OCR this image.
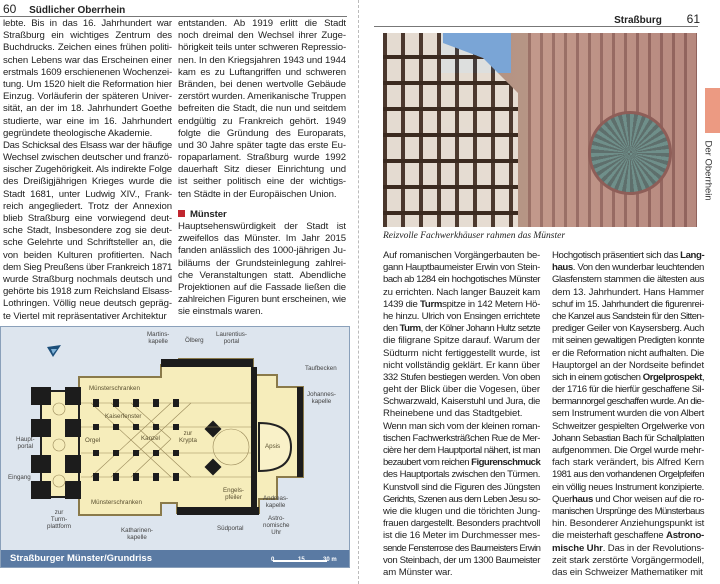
60 Südlicher Oberrhein
lebte. Bis in das 16. Jahrhundert war
Straßburg ein wichtiges Zentrum des
Buchdrucks. Zeichen eines frühen politi-
schen Lebens war das Erscheinen einer
erstmals 1609 erschienenen Wochenzei-
tung. Um 1520 hielt die Reformation hier
Einzug. Vorläuferin der späteren Univer-
sität, an der im 18. Jahrhundert Goethe
studierte, war eine im 16. Jahrhundert
gegründete theologische Akademie.
Das Schicksal des Elsass war der häufige
Wechsel zwischen deutscher und franzö-
sischer Zugehörigkeit. Als indirekte Folge
des Dreißigjährigen Krieges wurde die
Stadt 1681, unter Ludwig XIV., Frank-
reich angegliedert. Trotz der Annexion
blieb Straßburg eine vorwiegend deut-
sche Stadt, Insbesondere zog sie deut-
sche Gelehrte und Schriftsteller an, die
von beiden Kulturen profitierten. Nach
dem Sieg Preußens über Frankreich 1871
wurde Straßburg nochmals deutsch und
gehörte bis 1918 zum Reichsland Elsass-
Lothringen. Völlig neue deutsch gepräg-
te Viertel mit repräsentativer Architektur
entstanden. Ab 1919 erlitt die Stadt
noch dreimal den Wechsel ihrer Zuge-
hörigkeit teils unter schweren Repressio-
nen. In den Kriegsjahren 1943 und 1944
kam es zu Luftangriffen und schweren
Bränden, bei denen wertvolle Gebäude
zerstört wurden. Amerikanische Truppen
befreiten die Stadt, die nun und seitdem
endgültig zu Frankreich gehört. 1949
folgte die Gründung des Europarats,
und 30 Jahre später tagte das erste Eu-
ropaparlament. Straßburg wurde 1992
dauerhaft Sitz dieser Einrichtung und
ist seither politisch eine der wichtigs-
ten Städte in der Europäischen Union.
Münster
Hauptsehenswürdigkeit der Stadt ist
zweifellos das Münster. Im Jahr 2015
fanden anlässlich des 1000-jährigen Ju-
biläums der Grundsteinlegung zahlrei-
che Veranstaltungen statt. Abendliche
Projektionen auf die Fassade ließen die
zahlreichen Figuren bunt erscheinen, wie
sie einstmals waren.
Martins-
kapelle	Ölberg
Laurentius-
portal
Taufbecken
Johannes-
kapelle
Münsterschranken
Kaiserfenster
Orgel	Kanzel
Haupt-
portal
Eingang
zur
Krypta
Apsis
Engels-
pfeiler	Andreas-
kapelle
Astro-
nomische
Uhr
Südportal
Münsterschranken
zur
Turm-
plattform
Katharinen-
kapelle
Straßburger Münster/Grundriss	0	15	30 m
Straßburg 61
Reizvolle Fachwerkhäuser rahmen das Münster
Auf romanischen Vorgängerbauten be-
gann Hauptbaumeister Erwin von Stein-
bach ab 1284 ein hochgotisches Münster
zu errichten. Nach langer Bauzeit kam
1439 die Turmspitze in 142 Metern Hö-
he hinzu. Ulrich von Ensingen errichtete
den Turm, der Kölner Johann Hultz setzte
die filigrane Spitze darauf. Warum der
Südturm nicht fertiggestellt wurde, ist
nicht vollständig geklärt. Er kann über
332 Stufen bestiegen werden. Von oben
geht der Blick über die Vogesen, über
Schwarzwald, Kaiserstuhl und Jura, die
Rheinebene und das Stadtgebiet.
Wenn man sich vom der kleinen roman-
tischen Fachwerksträßchen Rue de Mer-
cière her dem Hauptportal nähert, ist man
bezaubert vom reichen Figurenschmuck
des Hauptportals zwischen den Türmen.
Kunstvoll sind die Figuren des Jüngsten
Gerichts, Szenen aus dem Leben Jesu so-
wie die klugen und die törichten Jung-
frauen dargestellt. Besonders prachtvoll
ist die 16 Meter im Durchmesser mes-
sende Fensterrose des Baumeisters Erwin
von Steinbach, der um 1300 Baumeister
am Münster war.
Hochgotisch präsentiert sich das Lang-
haus. Von den wunderbar leuchtenden
Glasfenstern stammen die ältesten aus
dem 13. Jahrhundert. Hans Hammer
schuf im 15. Jahrhundert die figurenrei-
che Kanzel aus Sandstein für den Sitten-
prediger Geiler von Kaysersberg. Auch
mit seinen gewaltigen Predigten konnte
er die Reformation nicht aufhalten. Die
Hauptorgel an der Nordseite befindet
sich in einem gotischen Orgelprospekt,
der 1716 für die hierfür geschaffene Sil-
bermannorgel geschaffen wurde. An die-
sem Instrument wurden die von Albert
Schweitzer gespielten Orgelwerke von
Johann Sebastian Bach für Schallplatten
aufgenommen. Die Orgel wurde mehr-
fach stark verändert, bis Alfred Kern
1981 aus den vorhandenen Orgelpfeifen
ein völlig neues Instrument konzipierte.
Querhaus und Chor weisen auf die ro-
manischen Ursprünge des Münsterbaus
hin. Besonderer Anziehungspunkt ist
die meisterhaft geschaffene Astrono-
mische Uhr. Das in der Revolutions-
zeit stark zerstörte Vorgängermodell,
das ein Schweizer Mathematiker mit
Der Oberrhein
